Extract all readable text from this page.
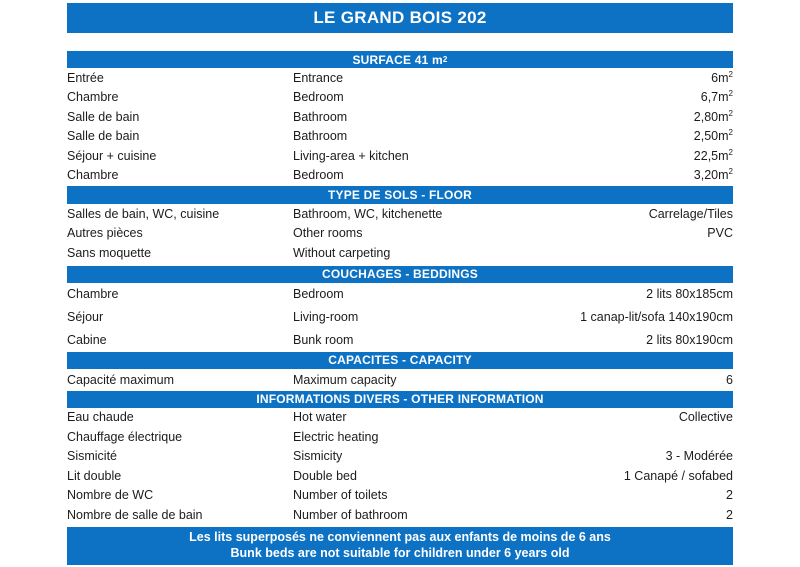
LE GRAND BOIS 202
SURFACE 41 m 2
Entrée	Entrance	$6m^2$
Chambre	Bedroom	$6,7m^2$
Salle de bain	Bathroom	$2,80m^2$
Salle de bain	Bathroom	$2,50m^2$
Séjour + cuisine	Living-area + kitchen	$22,5m^2$
Chambre	Bedroom	$3,20m^2$
TYPE DE SOLS - FLOOR
Salles de bain, WC, cuisine	Bathroom, WC, kitchenette	Carrelage/Tiles
Autres pièces	Other rooms	PVC
Sans moquette	Without carpeting
COUCHAGES - BEDDINGS
Chambre	Bedroom	2 lits 80x185cm
Séjour	Living-room	1 canap-lit/sofa 140x190cm
Cabine	Bunk room	2 lits 80x190cm
CAPACITES - CAPACITY
Capacité maximum	Maximum capacity	6
INFORMATIONS DIVERS - OTHER INFORMATION
Eau chaude	Hot water	Collective
Chauffage électrique	Electric heating
Sismicité	Sismicity	3 - Modérée
Lit double	Double bed	1 Canapé / sofabed
Nombre de WC	Number of toilets	2
Nombre de salle de bain	Number of bathroom	2
Les lits superposés ne conviennent pas aux enfants de moins de 6 ans
Bunk beds are not suitable for children under 6 years old
